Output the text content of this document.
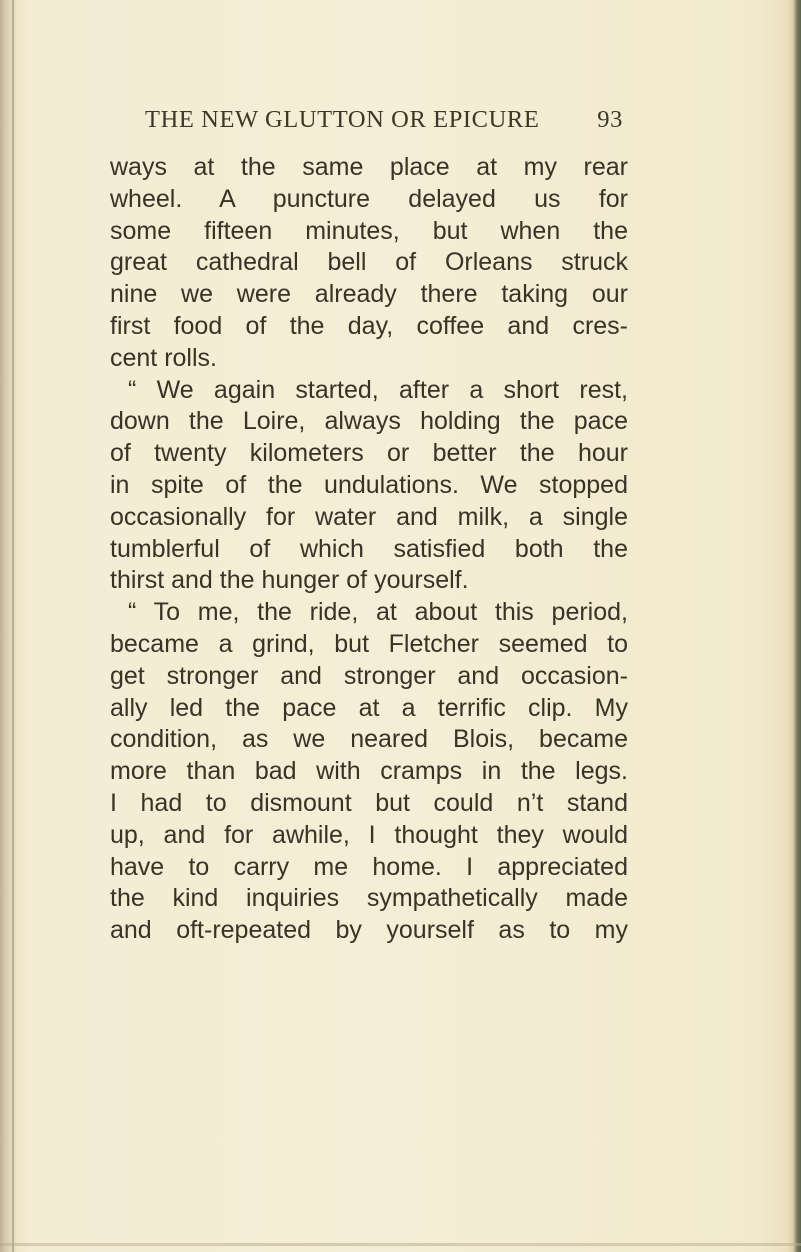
THE NEW GLUTTON OR EPICURE 93
ways at the same place at my rear
wheel. A puncture delayed us for
some fifteen minutes, but when the
great cathedral bell of Orleans struck
nine we were already there taking our
first food of the day, coffee and cres-
cent rolls.
“ We again started, after a short rest,
down the Loire, always holding the pace
of twenty kilometers or better the hour
in spite of the undulations. We stopped
occasionally for water and milk, a single
tumblerful of which satisfied both the
thirst and the hunger of yourself.
“ To me, the ride, at about this period,
became a grind, but Fletcher seemed to
get stronger and stronger and occasion-
ally led the pace at a terrific clip. My
condition, as we neared Blois, became
more than bad with cramps in the legs.
I had to dismount but could n’t stand
up, and for awhile, I thought they would
have to carry me home. I appreciated
the kind inquiries sympathetically made
and oft-repeated by yourself as to my
